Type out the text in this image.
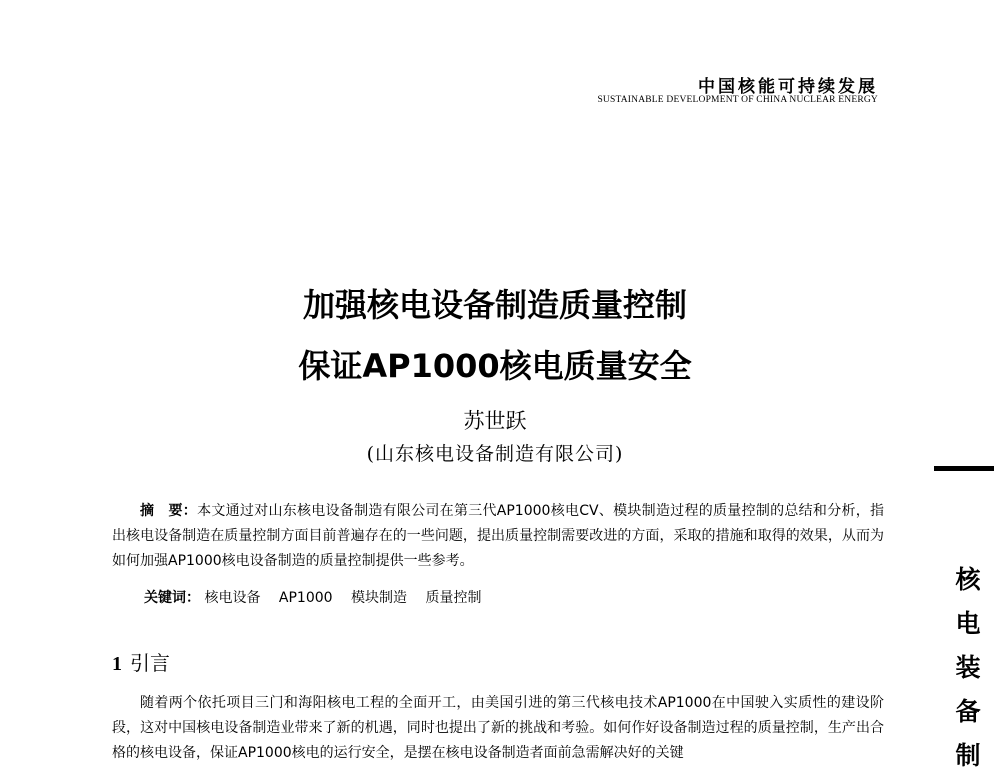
中国核能可持续发展
SUSTAINABLE DEVELOPMENT OF CHINA NUCLEAR ENERGY
加强核电设备制造质量控制
保证AP1000核电质量安全
苏世跃
(山东核电设备制造有限公司)
摘　要：本文通过对山东核电设备制造有限公司在第三代AP1000核电CV、模块制造过程的质量控制的总结和分析，指出核电设备制造在质量控制方面目前普遍存在的一些问题，提出质量控制需要改进的方面，采取的措施和取得的效果，从而为如何加强AP1000核电设备制造的质量控制提供一些参考。
关键词： 核电设备 AP1000 模块制造 质量控制
1 引言
随着两个依托项目三门和海阳核电工程的全面开工，由美国引进的第三代核电技术AP1000在中国驶入实质性的建设阶段，这对中国核电设备制造业带来了新的机遇，同时也提出了新的挑战和考验。如何作好设备制造过程的质量控制，生产出合格的核电设备，保证AP1000核电的运行安全，是摆在核电设备制造者面前急需解决好的关键
核
电
装
备
制
